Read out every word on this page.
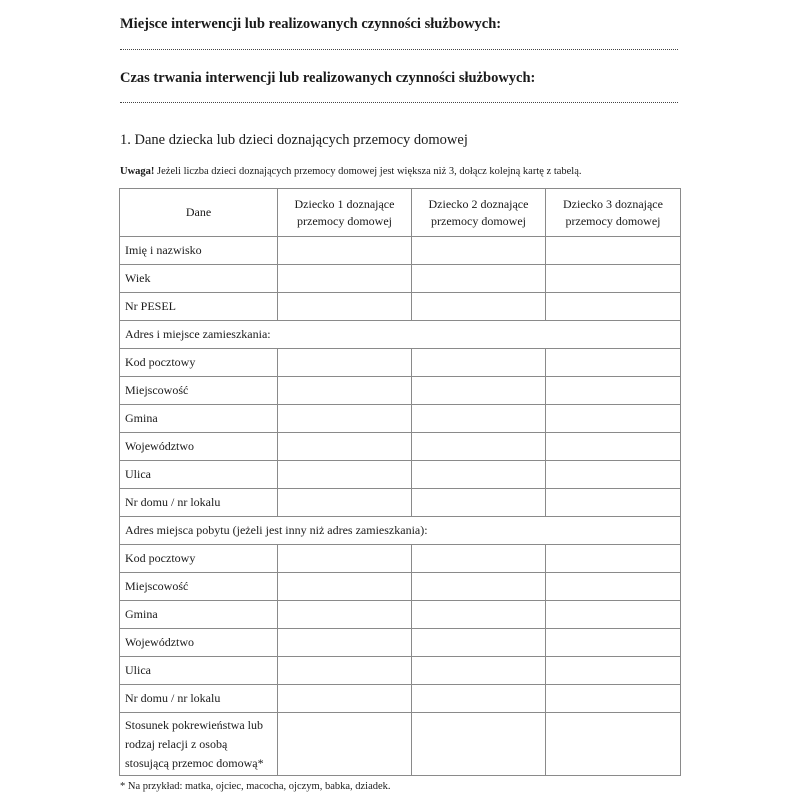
Miejsce interwencji lub realizowanych czynności służbowych:
Czas trwania interwencji lub realizowanych czynności służbowych:
1. Dane dziecka lub dzieci doznających przemocy domowej
Uwaga! Jeżeli liczba dzieci doznających przemocy domowej jest większa niż 3, dołącz kolejną kartę z tabelą.
Dane	Dziecko 1 doznające przemocy domowej	Dziecko 2 doznające przemocy domowej	Dziecko 3 doznające przemocy domowej
Imię i nazwisko			
Wiek			
Nr PESEL			
Adres i miejsce zamieszkania:			
Kod pocztowy			
Miejscowość			
Gmina			
Województwo			
Ulica			
Nr domu / nr lokalu			
Adres miejsca pobytu (jeżeli jest inny niż adres zamieszkania):			
Kod pocztowy			
Miejscowość			
Gmina			
Województwo			
Ulica			
Nr domu / nr lokalu			
Stosunek pokrewieństwa lub rodzaj relacji z osobą stosującą przemoc domową*			
* Na przykład: matka, ojciec, macocha, ojczym, babka, dziadek.
